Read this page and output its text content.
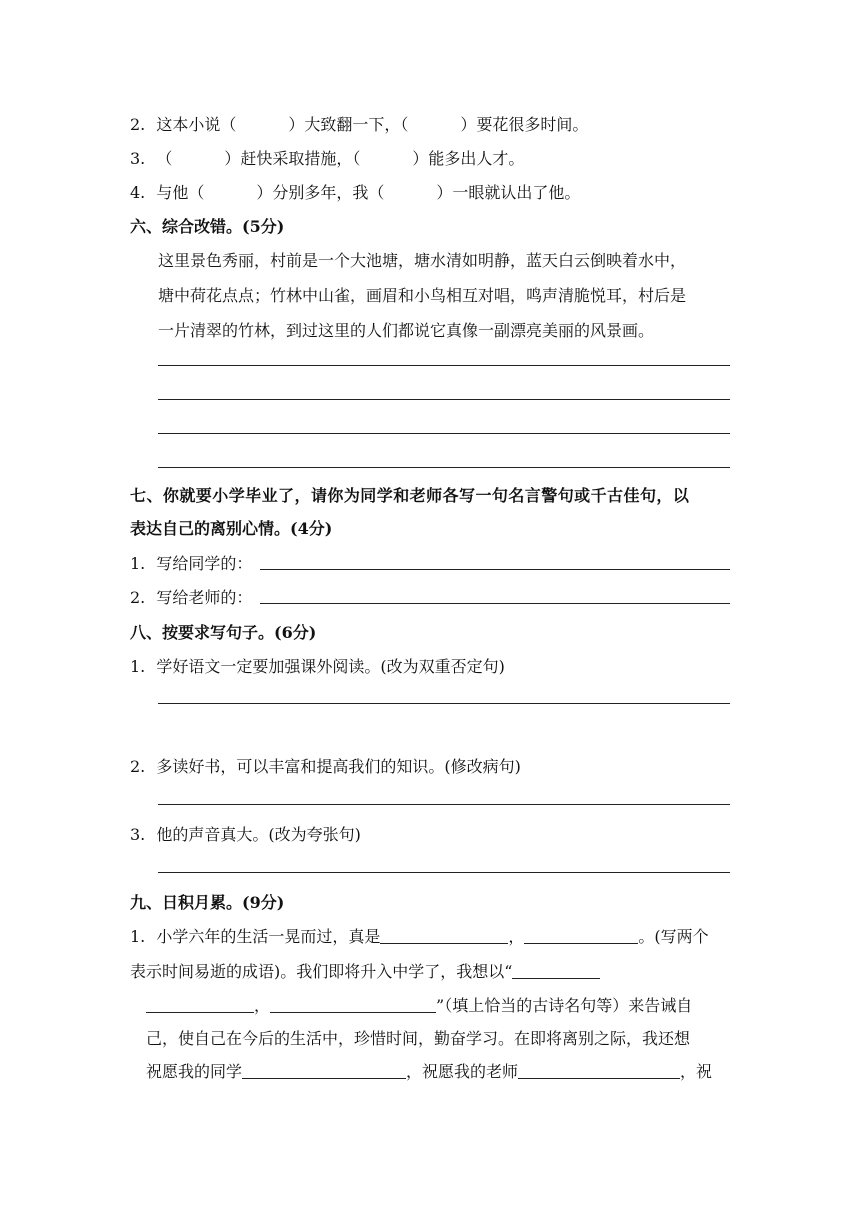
2. 这本小说（	）大致翻一下，（	）要花很多时间。
3. （	）赶快采取措施，（	）能多出人才。
4. 与他（	）分别多年，我（	）一眼就认出了他。
六、综合改错。(5分)
这里景色秀丽，村前是一个大池塘，塘水清如明静，蓝天白云倒映着水中，
塘中荷花点点；竹林中山雀，画眉和小鸟相互对唱，鸣声清脆悦耳，村后是
一片清翠的竹林，到过这里的人们都说它真像一副漂亮美丽的风景画。
七、你就要小学毕业了，请你为同学和老师各写一句名言警句或千古佳句，以
表达自己的离别心情。(4分)
1. 写给同学的：
2. 写给老师的：
八、按要求写句子。(6分)
1. 学好语文一定要加强课外阅读。(改为双重否定句)
2. 多读好书，可以丰富和提高我们的知识。(修改病句)
3. 他的声音真大。(改为夸张句)
九、日积月累。(9分)
1. 小学六年的生活一晃而过，真是	，	。(写两个
表示时间易逝的成语)。我们即将升入中学了，我想以“
，	”（填上恰当的古诗名句等）来告诫自
己，使自己在今后的生活中，珍惜时间，勤奋学习。在即将离别之际，我还想
祝愿我的同学	，祝愿我的老师	，祝
